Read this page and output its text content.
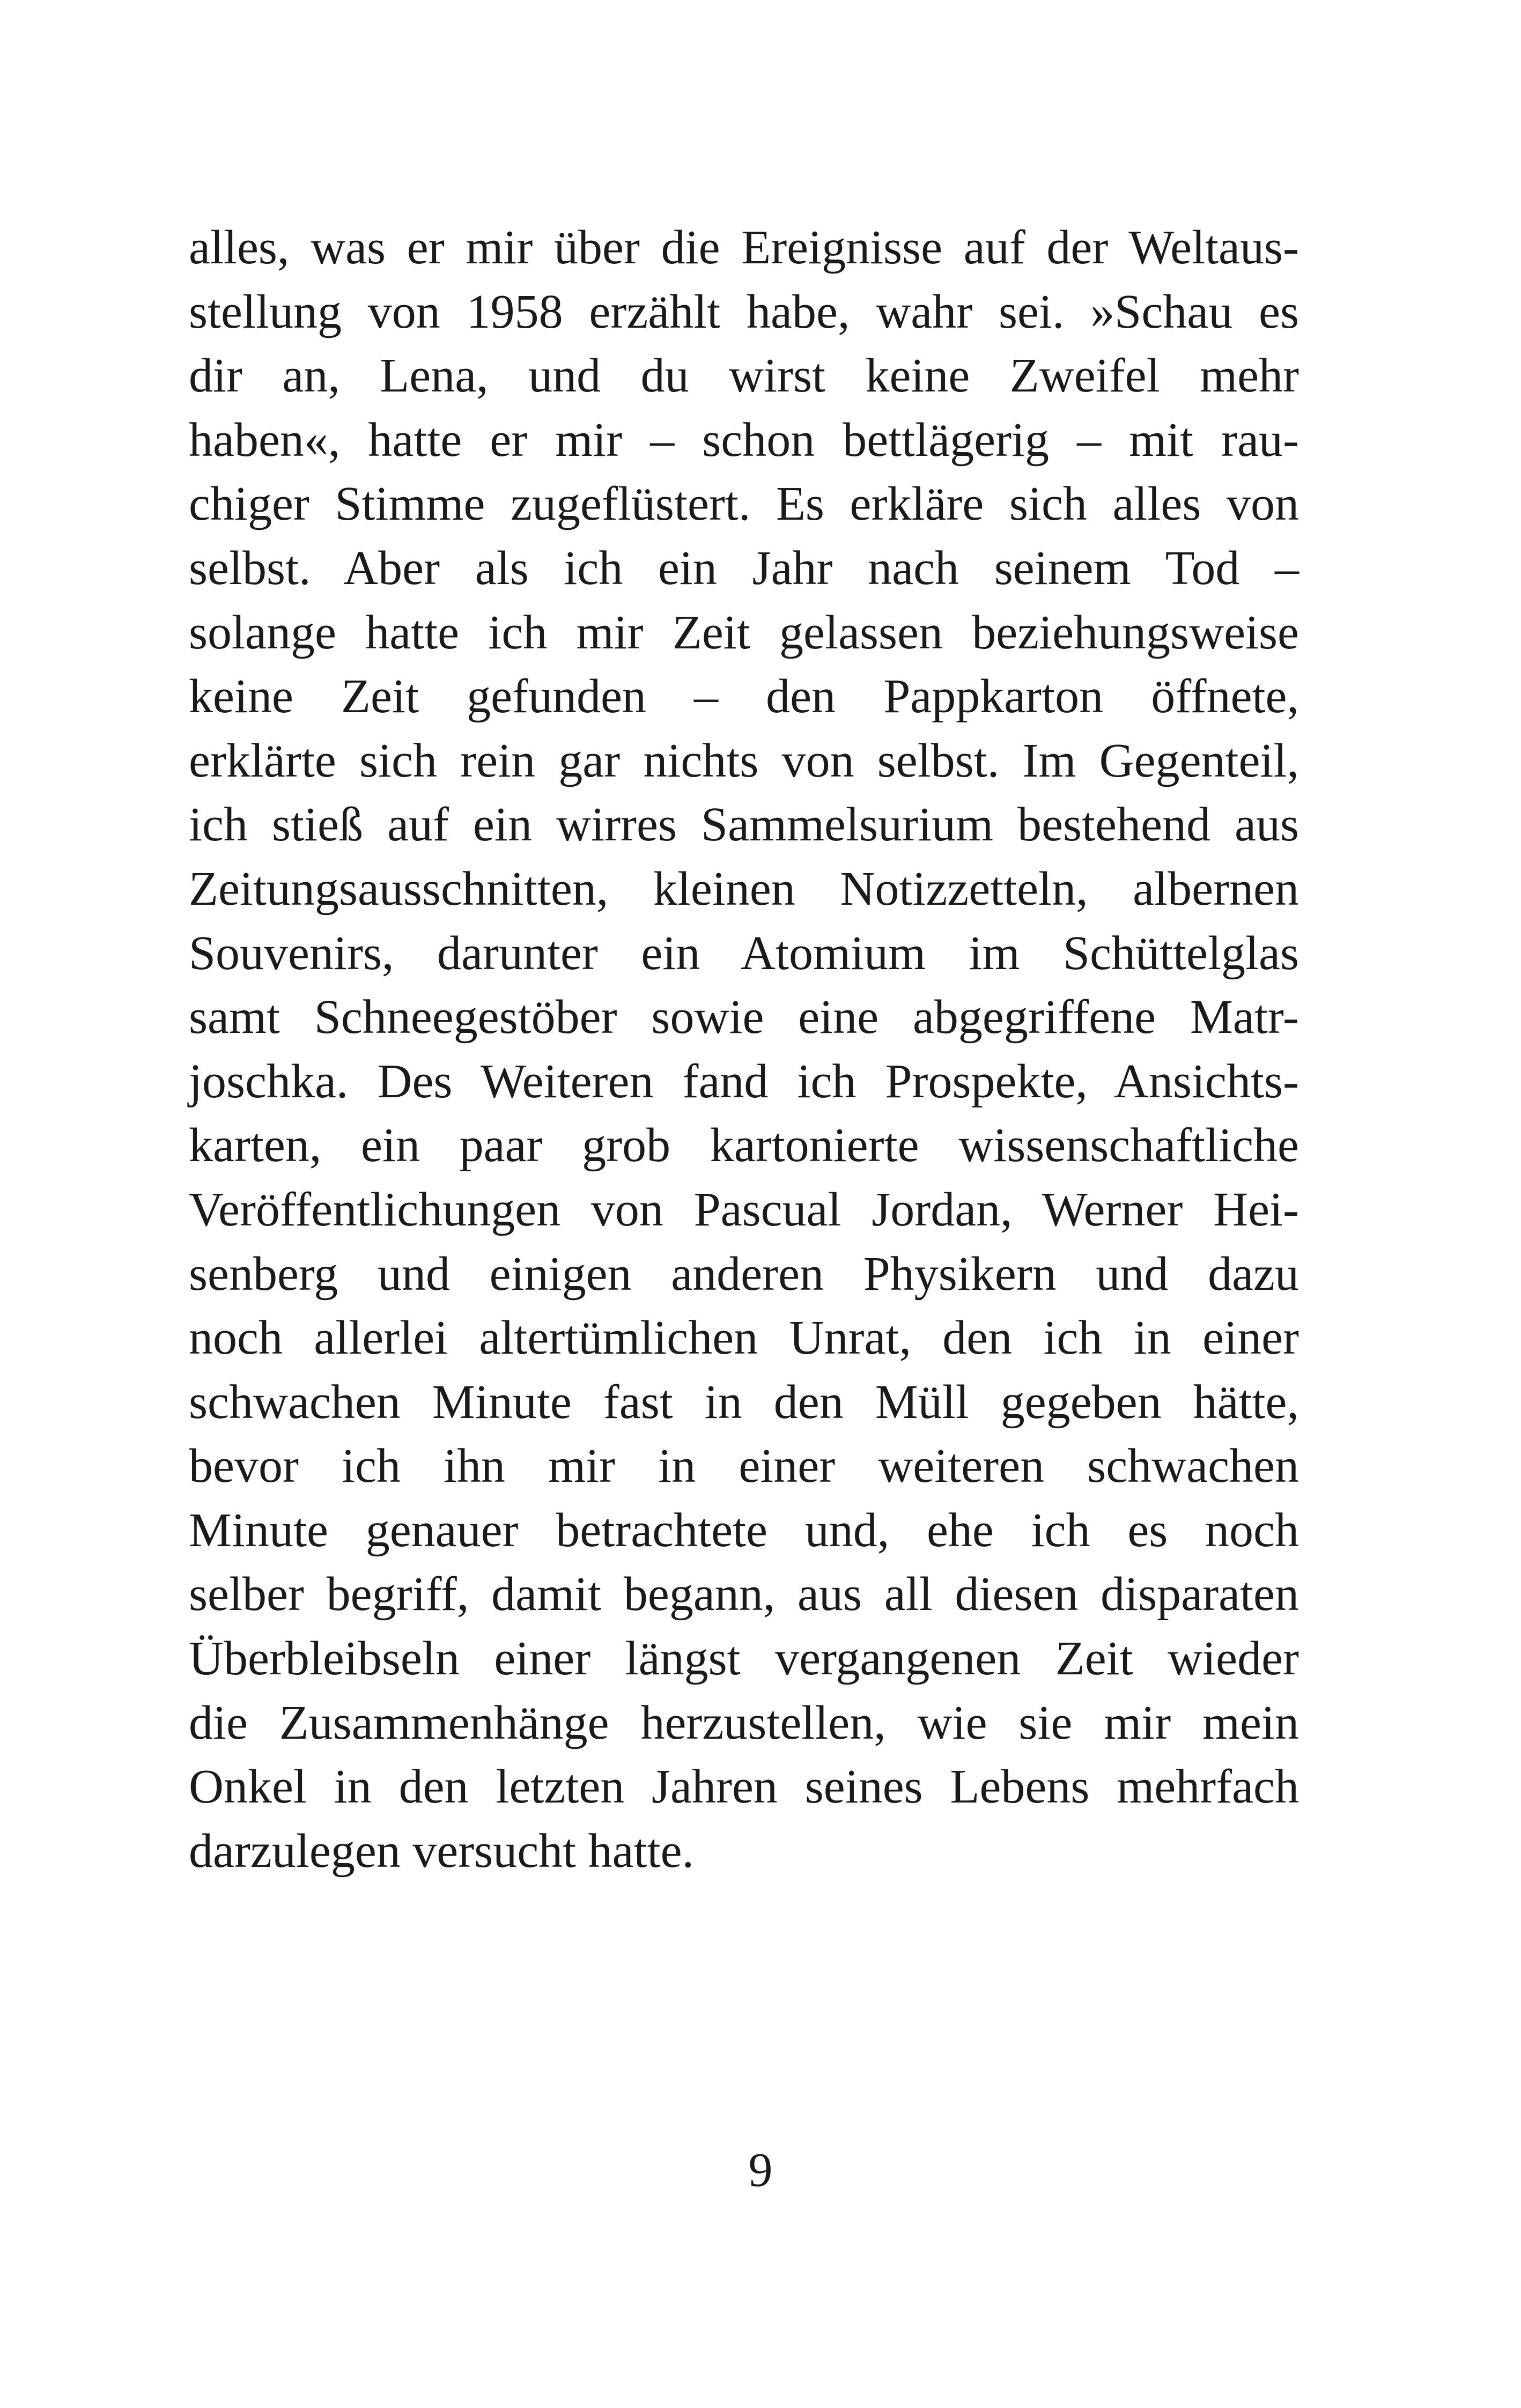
alles, was er mir über die Ereignisse auf der Weltaus-
stellung von 1958 erzählt habe, wahr sei. »Schau es
dir an, Lena, und du wirst keine Zweifel mehr
haben«, hatte er mir – schon bettlägerig – mit rau-
chiger Stimme zugeflüstert. Es erkläre sich alles von
selbst. Aber als ich ein Jahr nach seinem Tod –
solange hatte ich mir Zeit gelassen beziehungsweise
keine Zeit gefunden – den Pappkarton öffnete,
erklärte sich rein gar nichts von selbst. Im Gegenteil,
ich stieß auf ein wirres Sammelsurium bestehend aus
Zeitungsausschnitten, kleinen Notizzetteln, albernen
Souvenirs, darunter ein Atomium im Schüttelglas
samt Schneegestöber sowie eine abgegriffene Matr-
joschka. Des Weiteren fand ich Prospekte, Ansichts-
karten, ein paar grob kartonierte wissenschaftliche
Veröffentlichungen von Pascual Jordan, Werner Hei-
senberg und einigen anderen Physikern und dazu
noch allerlei altertümlichen Unrat, den ich in einer
schwachen Minute fast in den Müll gegeben hätte,
bevor ich ihn mir in einer weiteren schwachen
Minute genauer betrachtete und, ehe ich es noch
selber begriff, damit begann, aus all diesen disparaten
Überbleibseln einer längst vergangenen Zeit wieder
die Zusammenhänge herzustellen, wie sie mir mein
Onkel in den letzten Jahren seines Lebens mehrfach
darzulegen versucht hatte.
9
